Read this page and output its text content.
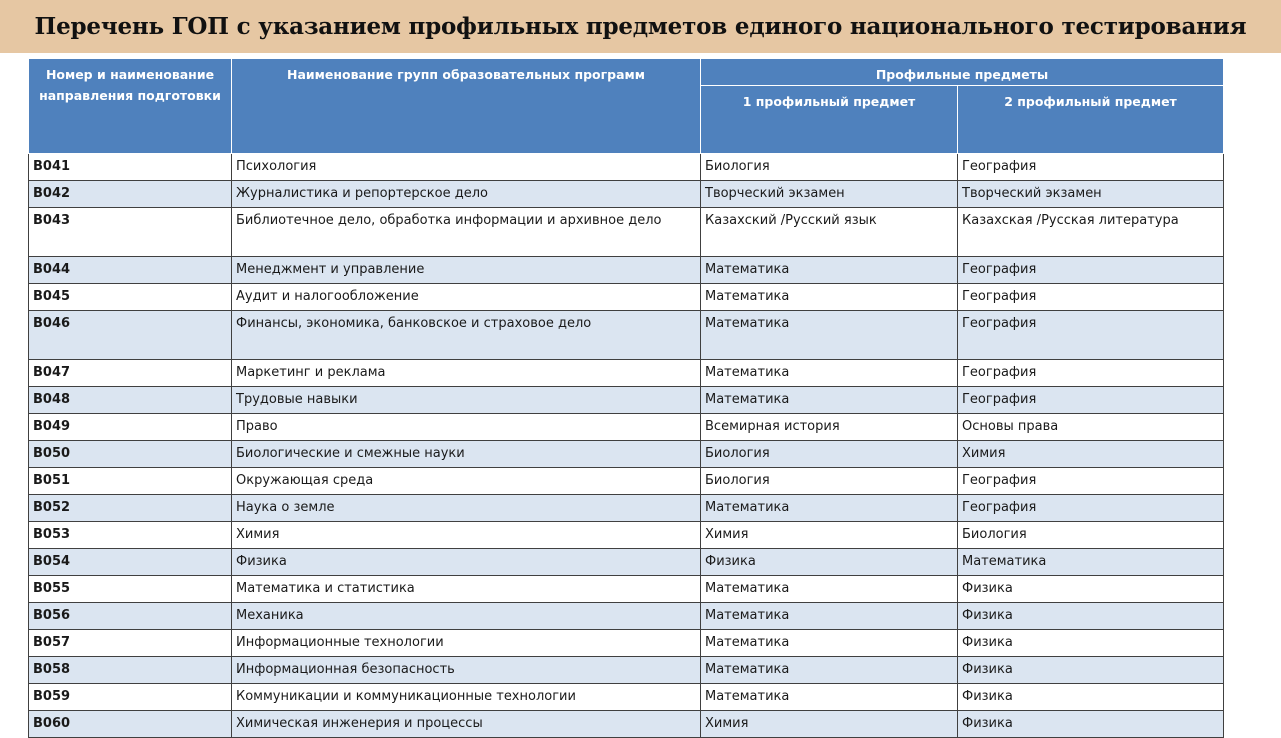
Перечень ГОП с указанием профильных предметов единого национального тестирования
Номер и наименование направления подготовки	Наименование групп образовательных программ	Профильные предметы	
		1 профильный предмет	2 профильный предмет
B041	Психология	Биология	География
B042	Журналистика и репортерское дело	Творческий экзамен	Творческий экзамен
B043	Библиотечное дело, обработка информации и архивное дело	Казахский /Русский язык	Казахская /Русская литература
B044	Менеджмент и управление	Математика	География
B045	Аудит и налогообложение	Математика	География
B046	Финансы, экономика, банковское и страховое дело	Математика	География
B047	Маркетинг и реклама	Математика	География
B048	Трудовые навыки	Математика	География
B049	Право	Всемирная история	Основы права
B050	Биологические и смежные науки	Биология	Химия
B051	Окружающая среда	Биология	География
B052	Наука о земле	Математика	География
B053	Химия	Химия	Биология
B054	Физика	Физика	Математика
B055	Математика и статистика	Математика	Физика
B056	Механика	Математика	Физика
B057	Информационные технологии	Математика	Физика
B058	Информационная безопасность	Математика	Физика
B059	Коммуникации и коммуникационные технологии	Математика	Физика
B060	Химическая инженерия и процессы	Химия	Физика
